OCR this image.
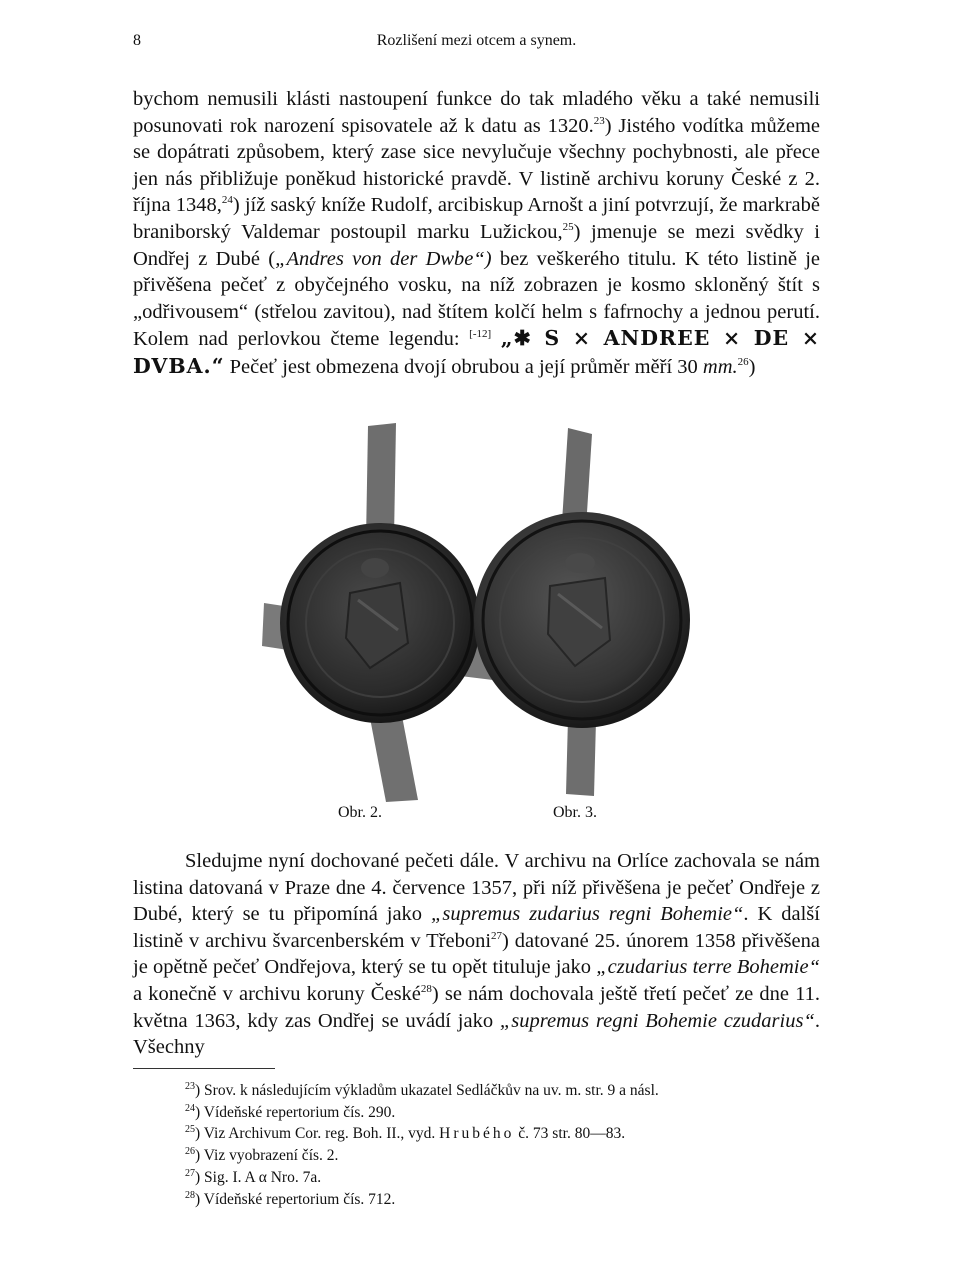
8	Rozlišení mezi otcem a synem.
bychom nemusili klásti nastoupení funkce do tak mladého věku a také nemusili posunovati rok narození spisovatele až k datu as 1320.23) Jistého vodítka můžeme se dopátrati způsobem, který zase sice nevylučuje všechny pochybnosti, ale přece jen nás přibližuje poněkud historické pravdě. V listině archivu koruny České z 2. října 1348,24) jíž saský kníže Rudolf, arcibiskup Arnošt a jiní potvrzují, že markrabě braniborský Valdemar postoupil marku Lužickou,$^{25}$) jmenuje se mezi svědky i Ondřej z Dubé („Andres von der Dwbe“) bez veškerého titulu. K této listině je přivěšena pečeť z obyčejného vosku, na níž zobrazen je kosmo skloněný štít s „odřivousem“ (střelou zavitou), nad štítem kolčí helm s fafrnochy a jednou perutí. Kolem nad perlovkou čteme legendu: [-12] „✱ S × ANDREE × DE × DVBA.“ Pečeť jest obmezena dvojí obrubou a její průměr měří 30 mm.$^{26}$)
Obr. 2.	Obr. 3.
Sledujme nyní dochované pečeti dále. V archivu na Orlíce zachovala se nám listina datovaná v Praze dne 4. července 1357, při níž přivěšena je pečeť Ondřeje z Dubé, který se tu připomíná jako „supremus zudarius regni Bohemie“. K další listině v archivu švarcenberském v Třeboni$^{27}$) datované 25. únorem 1358 přivěšena je opětně pečeť Ondřejova, který se tu opět tituluje jako „czudarius terre Bohemie“ a konečně v archivu koruny České$^{28}$) se nám dochovala ještě třetí pečeť ze dne 11. května 1363, kdy zas Ondřej se uvádí jako „supremus regni Bohemie czudarius“. Všechny
$^{23}$) Srov. k následujícím výkladům ukazatel Sedláčkův na uv. m. str. 9 a násl.
$^{24}$) Vídeňské repertorium čís. 290.
$^{25}$) Viz Archivum Cor. reg. Boh. II., vyd. Hrubého č. 73 str. 80—83.
$^{26}$) Viz vyobrazení čís. 2.
$^{27}$) Sig. I. A α Nro. 7a.
$^{28}$) Vídeňské repertorium čís. 712.
